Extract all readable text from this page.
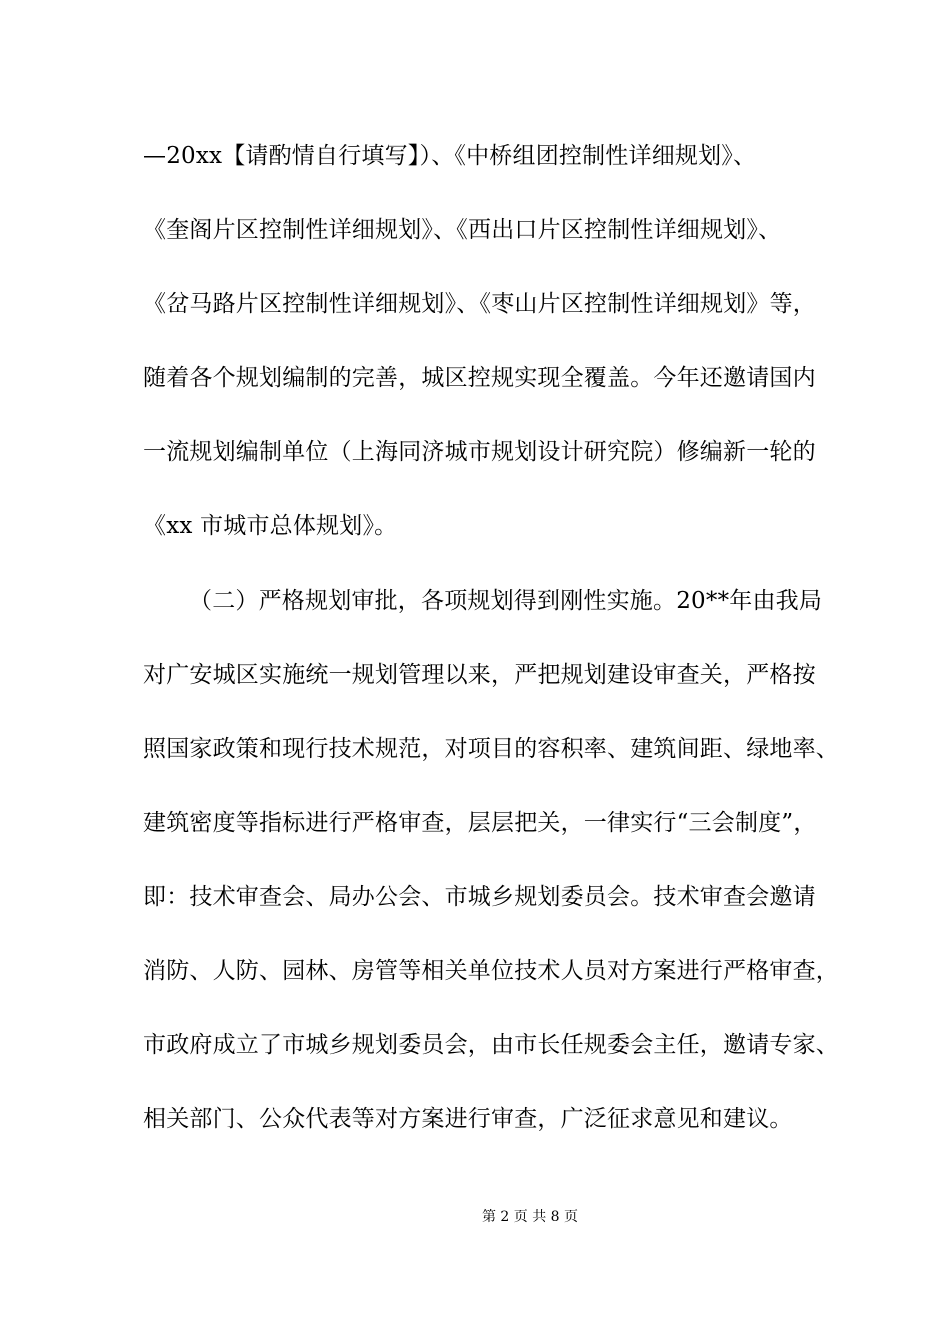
—20xx【请酌情自行填写】）、《中桥组团控制性详细规划》、
《奎阁片区控制性详细规划》、《西出口片区控制性详细规划》、
《岔马路片区控制性详细规划》、《枣山片区控制性详细规划》等，
随着各个规划编制的完善，城区控规实现全覆盖。今年还邀请国内
一流规划编制单位（上海同济城市规划设计研究院）修编新一轮的
《xx 市城市总体规划》。
（二）严格规划审批，各项规划得到刚性实施。20**年由我局
对广安城区实施统一规划管理以来，严把规划建设审查关，严格按
照国家政策和现行技术规范，对项目的容积率、建筑间距、绿地率、
建筑密度等指标进行严格审查，层层把关，一律实行“三会制度”，
即：技术审查会、局办公会、市城乡规划委员会。技术审查会邀请
消防、人防、园林、房管等相关单位技术人员对方案进行严格审查，
市政府成立了市城乡规划委员会，由市长任规委会主任，邀请专家、
相关部门、公众代表等对方案进行审查，广泛征求意见和建议。
第 2 页 共 8 页
